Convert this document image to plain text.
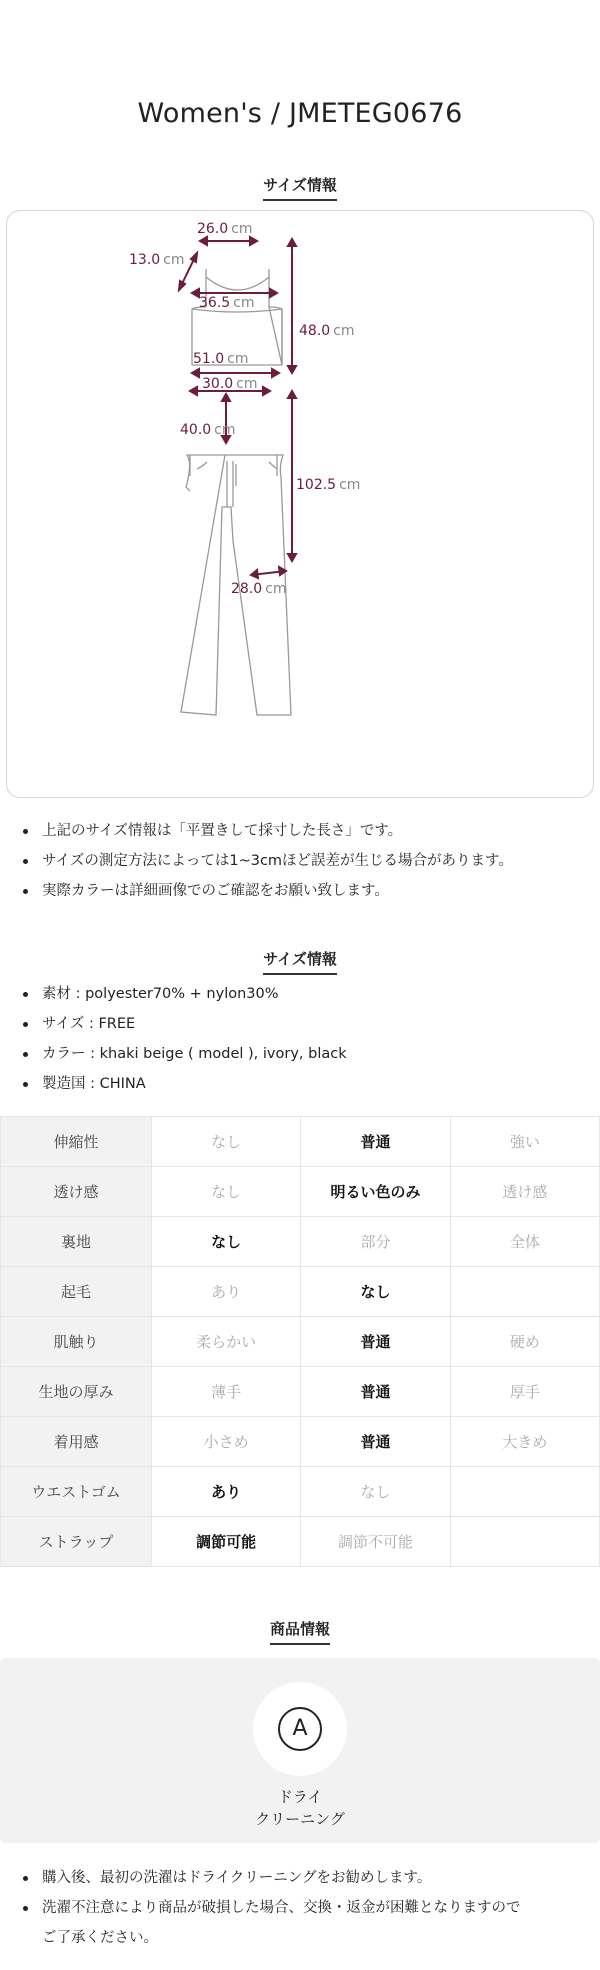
Women's / JMETEG0676
サイズ情報
26.0 cm
13.0 cm
36.5 cm
48.0 cm
51.0 cm
30.0 cm
40.0 cm
102.5 cm
28.0 cm
上記のサイズ情報は「平置きして採寸した長さ」です。
サイズの測定方法によっては1~3cmほど誤差が生じる場合があります。
実際カラーは詳細画像でのご確認をお願い致します。
サイズ情報
素材 : polyester70% + nylon30%
サイズ : FREE
カラー : khaki beige ( model ), ivory, black
製造国 : CHINA
伸縮性	なし	普通	強い
透け感	なし	明るい色のみ	透け感
裏地	なし	部分	全体
起毛	あり	なし	
肌触り	柔らかい	普通	硬め
生地の厚み	薄手	普通	厚手
着用感	小さめ	普通	大きめ
ウエストゴム	あり	なし	
ストラップ	調節可能	調節不可能	
商品情報
A
ドライ
クリーニング
購入後、最初の洗濯はドライクリーニングをお勧めします。
洗濯不注意により商品が破損した場合、交換・返金が困難となりますので
ご了承ください。
